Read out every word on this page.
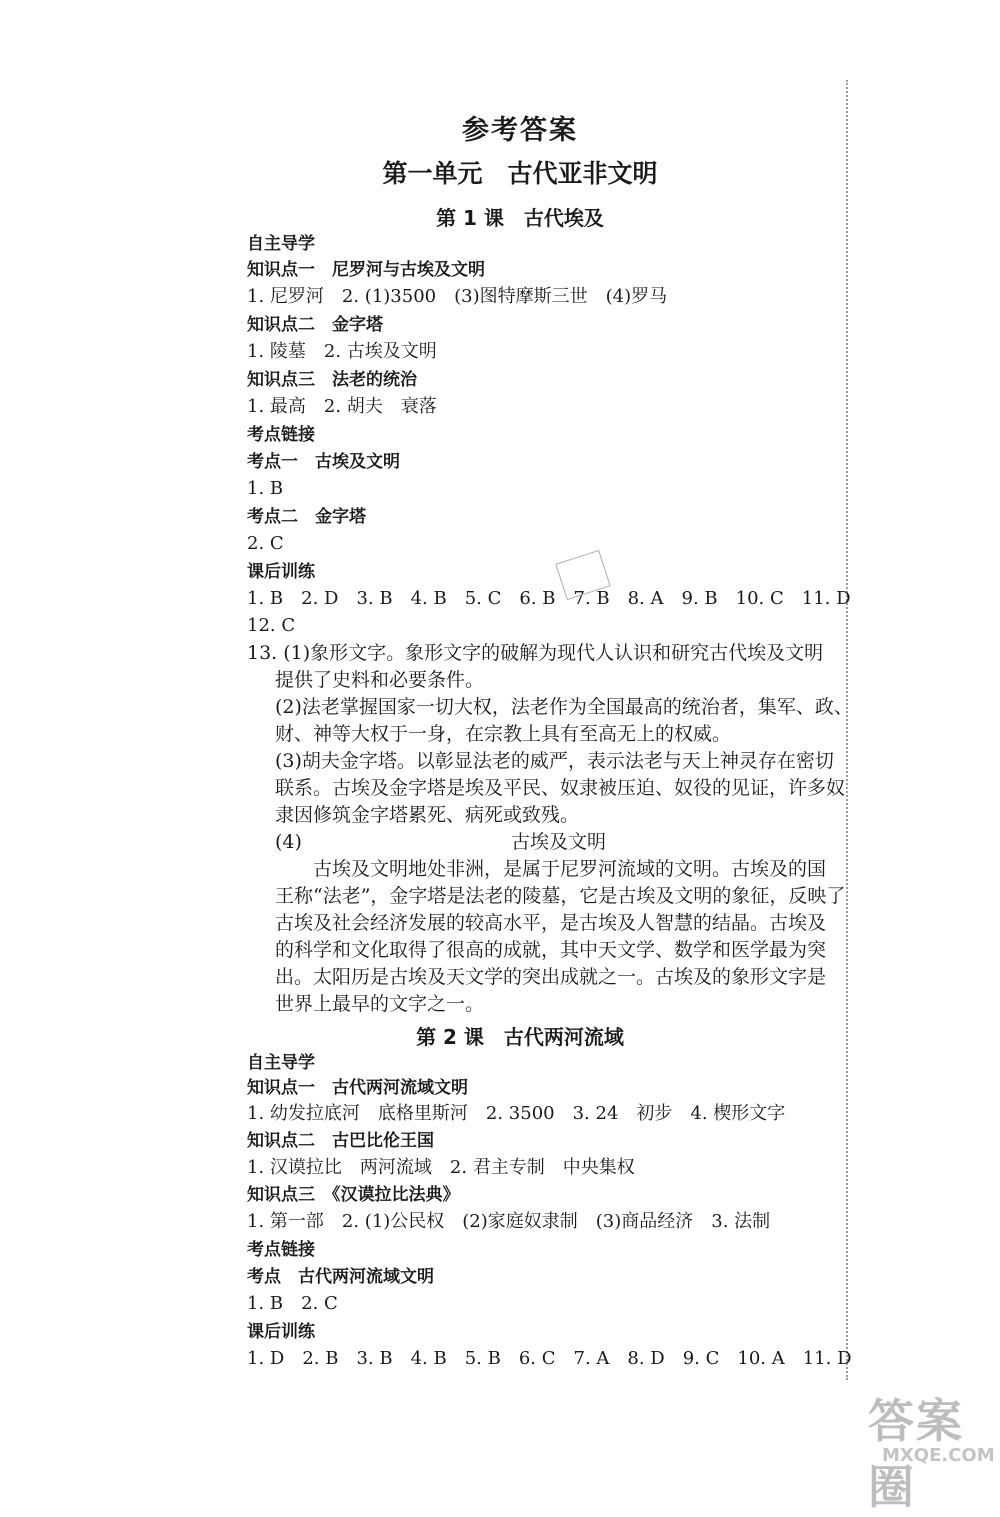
参考答案
第一单元　古代亚非文明
第 1 课　古代埃及
自主导学
知识点一　尼罗河与古埃及文明
1. 尼罗河　2. (1)3500　(3)图特摩斯三世　(4)罗马
知识点二　金字塔
1. 陵墓　2. 古埃及文明
知识点三　法老的统治
1. 最高　2. 胡夫　衰落
考点链接
考点一　古埃及文明
1. B
考点二　金字塔
2. C
课后训练
1. B　2. D　3. B　4. B　5. C　6. B　7. B　8. A　9. B　10. C　11. D
12. C
13. (1)象形文字。象形文字的破解为现代人认识和研究古代埃及文明
提供了史料和必要条件。
(2)法老掌握国家一切大权，法老作为全国最高的统治者，集军、政、
财、神等大权于一身，在宗教上具有至高无上的权威。
(3)胡夫金字塔。以彰显法老的威严，表示法老与天上神灵存在密切
联系。古埃及金字塔是埃及平民、奴隶被压迫、奴役的见证，许多奴
隶因修筑金字塔累死、病死或致残。
(4)	古埃及文明
古埃及文明地处非洲，是属于尼罗河流域的文明。古埃及的国
王称“法老”，金字塔是法老的陵墓，它是古埃及文明的象征，反映了
古埃及社会经济发展的较高水平，是古埃及人智慧的结晶。古埃及
的科学和文化取得了很高的成就，其中天文学、数学和医学最为突
出。太阳历是古埃及天文学的突出成就之一。古埃及的象形文字是
世界上最早的文字之一。
第 2 课　古代两河流域
自主导学
知识点一　古代两河流域文明
1. 幼发拉底河　底格里斯河　2. 3500　3. 24　初步　4. 楔形文字
知识点二　古巴比伦王国
1. 汉谟拉比　两河流域　2. 君主专制　中央集权
知识点三　《汉谟拉比法典》
1. 第一部　2. (1)公民权　(2)家庭奴隶制　(3)商品经济　3. 法制
考点链接
考点　古代两河流域文明
1. B　2. C
课后训练
1. D　2. B　3. B　4. B　5. B　6. C　7. A　8. D　9. C　10. A　11. D
答案圈
MXQE.COM
